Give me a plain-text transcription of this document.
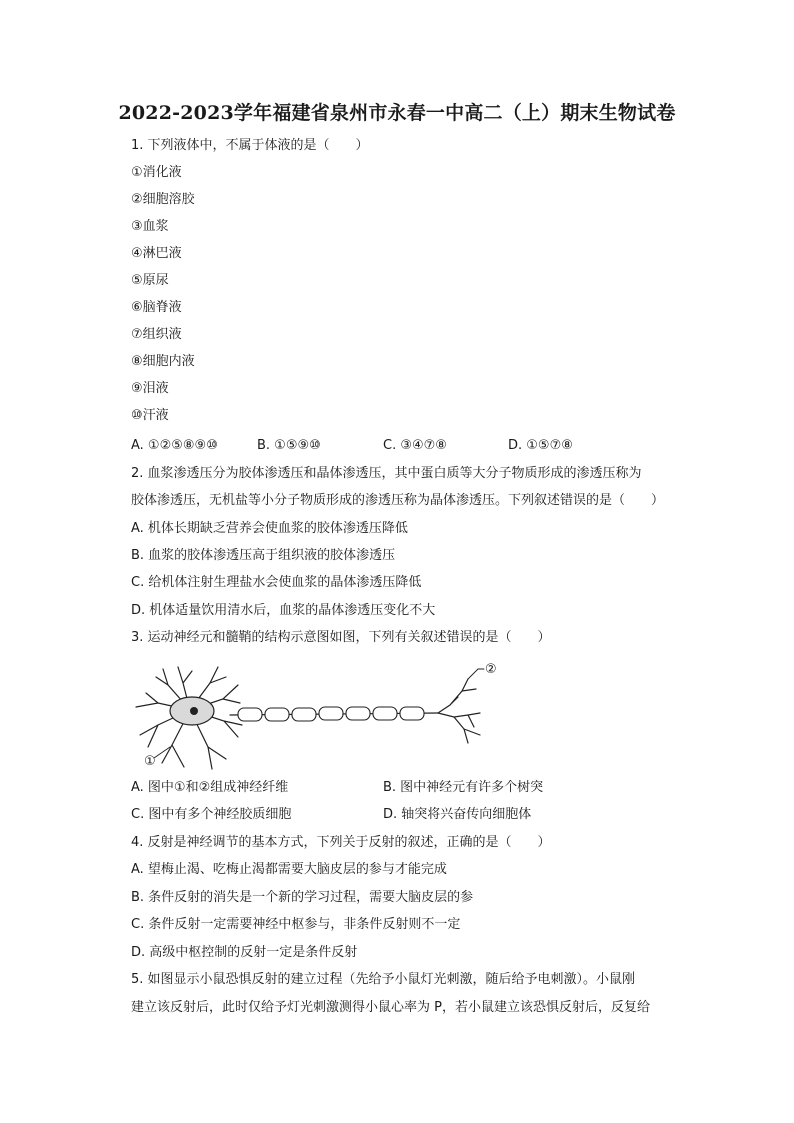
2022-2023学年福建省泉州市永春一中高二（上）期末生物试卷
1. 下列液体中，不属于体液的是（　　）
①消化液
②细胞溶胶
③血浆
④淋巴液
⑤原尿
⑥脑脊液
⑦组织液
⑧细胞内液
⑨泪液
⑩汗液
A. ①②⑤⑧⑨⑩	B. ①⑤⑨⑩	C. ③④⑦⑧	D. ①⑤⑦⑧
2. 血浆渗透压分为胶体渗透压和晶体渗透压，其中蛋白质等大分子物质形成的渗透压称为
胶体渗透压，无机盐等小分子物质形成的渗透压称为晶体渗透压。下列叙述错误的是（　　）
A. 机体长期缺乏营养会使血浆的胶体渗透压降低
B. 血浆的胶体渗透压高于组织液的胶体渗透压
C. 给机体注射生理盐水会使血浆的晶体渗透压降低
D. 机体适量饮用清水后，血浆的晶体渗透压变化不大
3. 运动神经元和髓鞘的结构示意图如图，下列有关叙述错误的是（　　）
①
②
A. 图中①和②组成神经纤维	B. 图中神经元有许多个树突
C. 图中有多个神经胶质细胞	D. 轴突将兴奋传向细胞体
4. 反射是神经调节的基本方式，下列关于反射的叙述，正确的是（　　）
A. 望梅止渴、吃梅止渴都需要大脑皮层的参与才能完成
B. 条件反射的消失是一个新的学习过程，需要大脑皮层的参
C. 条件反射一定需要神经中枢参与，非条件反射则不一定
D. 高级中枢控制的反射一定是条件反射
5. 如图显示小鼠恐惧反射的建立过程（先给予小鼠灯光刺激，随后给予电刺激）。小鼠刚
建立该反射后，此时仅给予灯光刺激测得小鼠心率为 P，若小鼠建立该恐惧反射后，反复给
